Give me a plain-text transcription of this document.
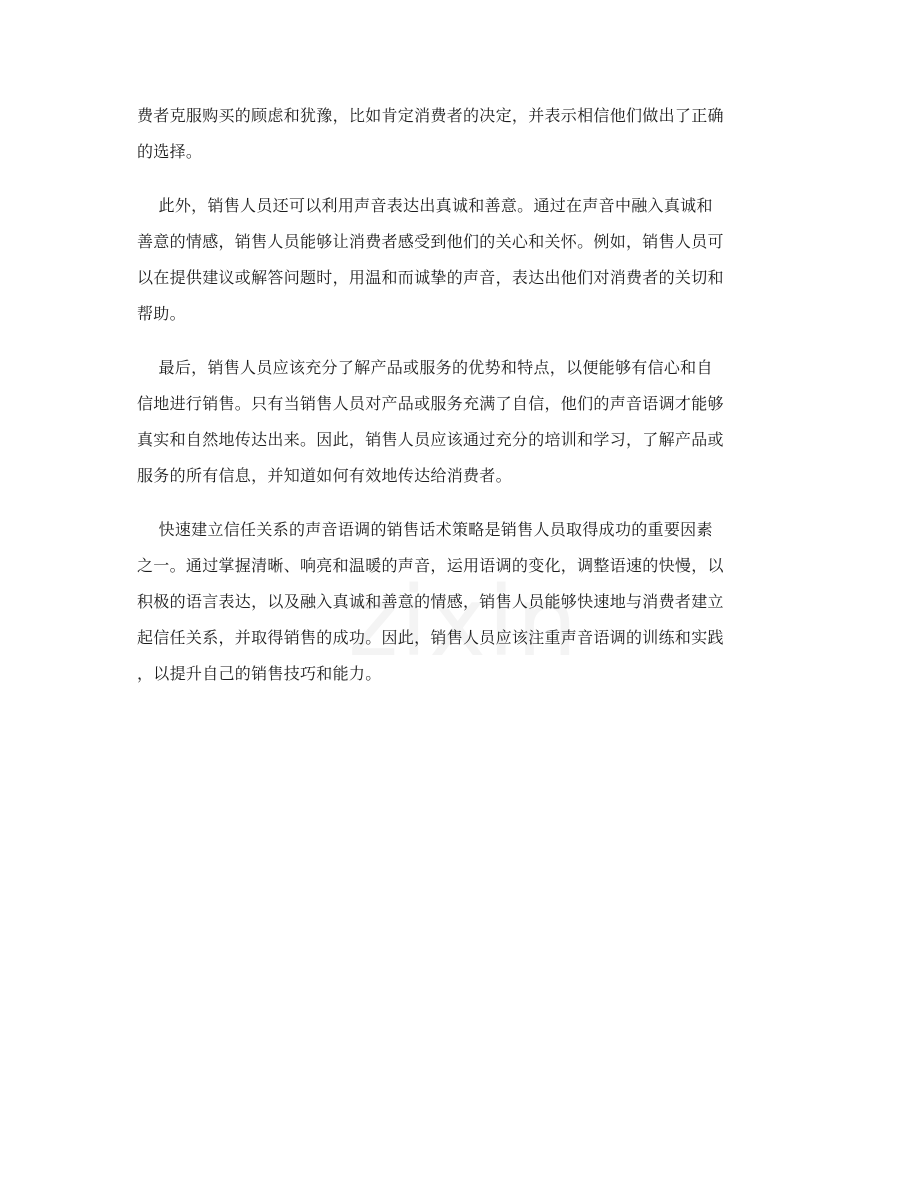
费者克服购买的顾虑和犹豫，比如肯定消费者的决定，并表示相信他们做出了正确
的选择。
此外，销售人员还可以利用声音表达出真诚和善意。通过在声音中融入真诚和
善意的情感，销售人员能够让消费者感受到他们的关心和关怀。例如，销售人员可
以在提供建议或解答问题时，用温和而诚挚的声音，表达出他们对消费者的关切和
帮助。
最后，销售人员应该充分了解产品或服务的优势和特点，以便能够有信心和自
信地进行销售。只有当销售人员对产品或服务充满了自信，他们的声音语调才能够
真实和自然地传达出来。因此，销售人员应该通过充分的培训和学习，了解产品或
服务的所有信息，并知道如何有效地传达给消费者。
快速建立信任关系的声音语调的销售话术策略是销售人员取得成功的重要因素
之一。通过掌握清晰、响亮和温暖的声音，运用语调的变化，调整语速的快慢，以
积极的语言表达，以及融入真诚和善意的情感，销售人员能够快速地与消费者建立
起信任关系，并取得销售的成功。因此，销售人员应该注重声音语调的训练和实践
，以提升自己的销售技巧和能力。
